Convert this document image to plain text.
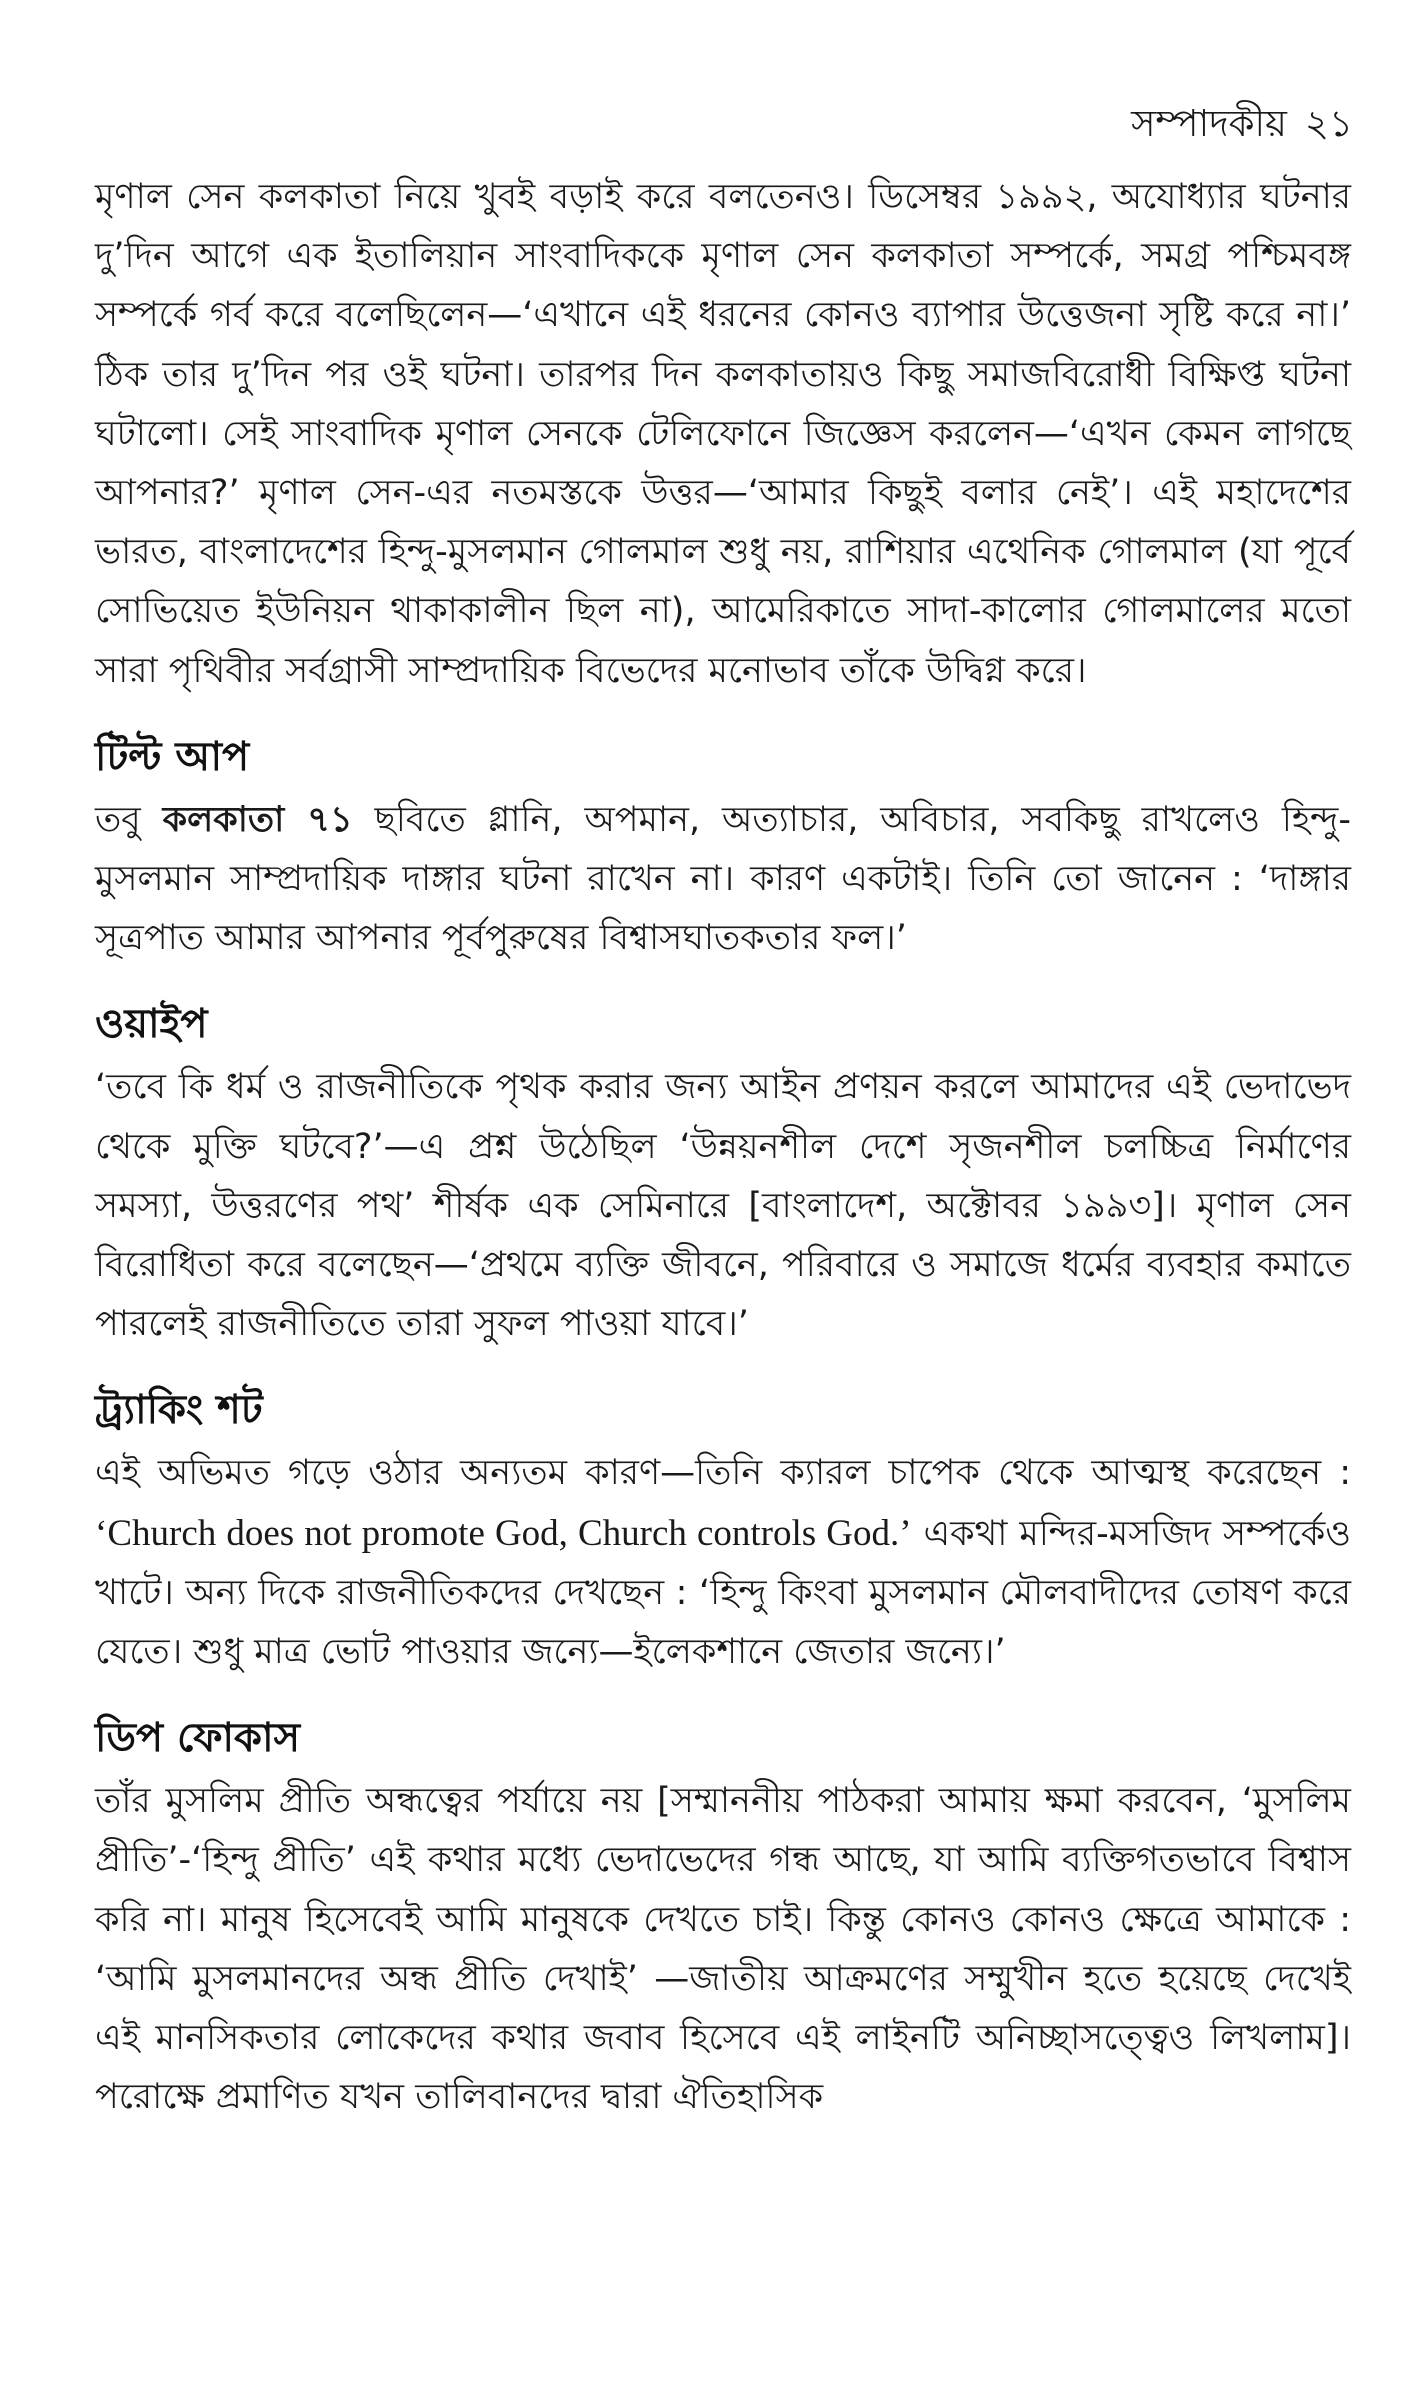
সম্পাদকীয় ২১

মৃণাল সেন কলকাতা নিয়ে খুবই বড়াই করে বলতেনও। ডিসেম্বর ১৯৯২, অযোধ্যার ঘটনার দু’দিন আগে এক ইতালিয়ান সাংবাদিককে মৃণাল সেন কলকাতা সম্পর্কে, সমগ্র পশ্চিমবঙ্গ সম্পর্কে গর্ব করে বলেছিলেন—‘এখানে এই ধরনের কোনও ব্যাপার উত্তেজনা সৃষ্টি করে না।’ ঠিক তার দু’দিন পর ওই ঘটনা। তারপর দিন কলকাতায়ও কিছু সমাজবিরোধী বিক্ষিপ্ত ঘটনা ঘটালো। সেই সাংবাদিক মৃণাল সেনকে টেলিফোনে জিজ্ঞেস করলেন—‘এখন কেমন লাগছে আপনার?’ মৃণাল সেন-এর নতমস্তকে উত্তর—‘আমার কিছুই বলার নেই’। এই মহাদেশের ভারত, বাংলাদেশের হিন্দু-মুসলমান গোলমাল শুধু নয়, রাশিয়ার এথেনিক গোলমাল (যা পূর্বে সোভিয়েত ইউনিয়ন থাকাকালীন ছিল না), আমেরিকাতে সাদা-কালোর গোলমালের মতো সারা পৃথিবীর সর্বগ্রাসী সাম্প্রদায়িক বিভেদের মনোভাব তাঁকে উদ্বিগ্ন করে।

টিল্ট আপ

তবু কলকাতা ৭১ ছবিতে গ্লানি, অপমান, অত্যাচার, অবিচার, সবকিছু রাখলেও হিন্দু-মুসলমান সাম্প্রদায়িক দাঙ্গার ঘটনা রাখেন না। কারণ একটাই। তিনি তো জানেন : ‘দাঙ্গার সূত্রপাত আমার আপনার পূর্বপুরুষের বিশ্বাসঘাতকতার ফল।’

ওয়াইপ

‘তবে কি ধর্ম ও রাজনীতিকে পৃথক করার জন্য আইন প্রণয়ন করলে আমাদের এই ভেদাভেদ থেকে মুক্তি ঘটবে?’—এ প্রশ্ন উঠেছিল ‘উন্নয়নশীল দেশে সৃজনশীল চলচ্চিত্র নির্মাণের সমস্যা, উত্তরণের পথ’ শীর্ষক এক সেমিনারে [বাংলাদেশ, অক্টোবর ১৯৯৩]। মৃণাল সেন বিরোধিতা করে বলেছেন—‘প্রথমে ব্যক্তি জীবনে, পরিবারে ও সমাজে ধর্মের ব্যবহার কমাতে পারলেই রাজনীতিতে তারা সুফল পাওয়া যাবে।’

ট্র্যাকিং শট

এই অভিমত গড়ে ওঠার অন্যতম কারণ—তিনি ক্যারল চাপেক থেকে আত্মস্থ করেছেন : ‘Church does not promote God, Church controls God.’ একথা মন্দির-মসজিদ সম্পর্কেও খাটে। অন্য দিকে রাজনীতিকদের দেখছেন : ‘হিন্দু কিংবা মুসলমান মৌলবাদীদের তোষণ করে যেতে। শুধু মাত্র ভোট পাওয়ার জন্যে—ইলেকশানে জেতার জন্যে।’

ডিপ ফোকাস

তাঁর মুসলিম প্রীতি অন্ধত্বের পর্যায়ে নয় [সম্মাননীয় পাঠকরা আমায় ক্ষমা করবেন, ‘মুসলিম প্রীতি’-‘হিন্দু প্রীতি’ এই কথার মধ্যে ভেদাভেদের গন্ধ আছে, যা আমি ব্যক্তিগতভাবে বিশ্বাস করি না। মানুষ হিসেবেই আমি মানুষকে দেখতে চাই। কিন্তু কোনও কোনও ক্ষেত্রে আমাকে : ‘আমি মুসলমানদের অন্ধ প্রীতি দেখাই’ —জাতীয় আক্রমণের সম্মুখীন হতে হয়েছে দেখেই এই মানসিকতার লোকেদের কথার জবাব হিসেবে এই লাইনটি অনিচ্ছাসত্ত্বেও লিখলাম]। পরোক্ষে প্রমাণিত যখন তালিবানদের দ্বারা ঐতিহাসিক
